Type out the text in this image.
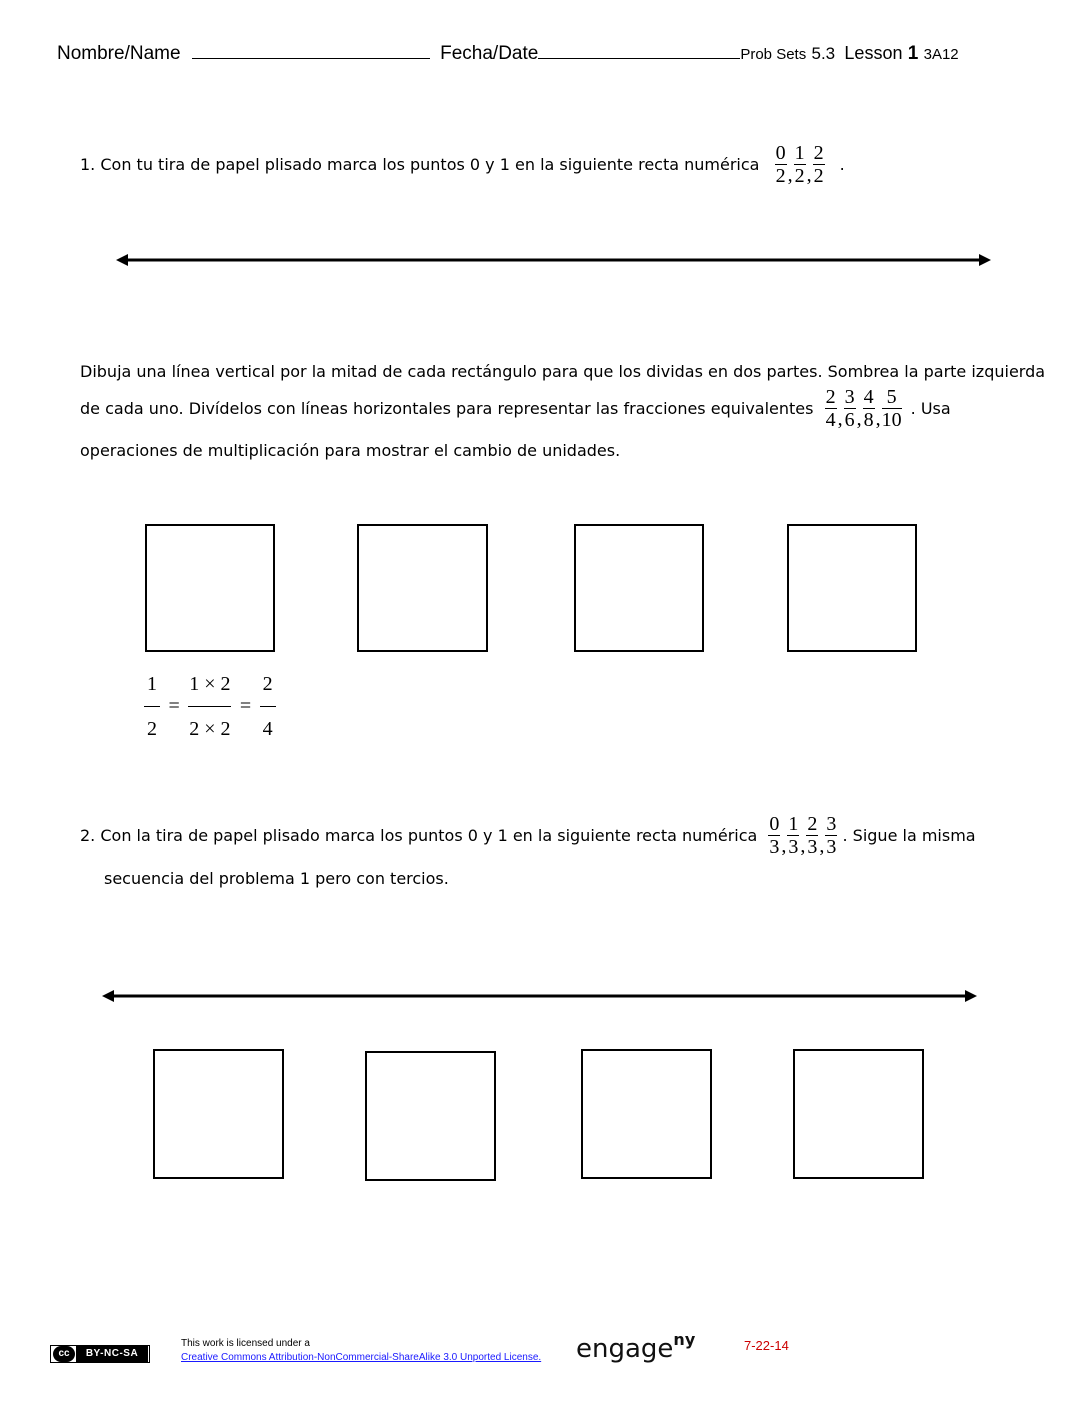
Nombre/Name	Fecha/Date	Prob Sets 5.3 Lesson 1 3A12
1. Con tu tira de papel plisado marca los puntos 0 y 1 en la siguiente recta numérica $\frac{0}{2}$ , $\frac{1}{2}$ , $\frac{2}{2}$ .
Dibuja una línea vertical por la mitad de cada rectángulo para que los dividas en dos partes. Sombrea la parte izquierda
de cada uno. Divídelos con líneas horizontales para representar las fracciones equivalentes $\frac{2}{4}$ , $\frac{3}{6}$ , $\frac{4}{8}$ , $\frac{5}{10}$ . Usa
operaciones de multiplicación para mostrar el cambio de unidades.
$\frac{1}{2} = \frac{1 \times 2}{2 \times 2} = \frac{2}{4}$
2. Con la tira de papel plisado marca los puntos 0 y 1 en la siguiente recta numérica $\frac{0}{3}$ , $\frac{1}{3}$ , $\frac{2}{3}$ , $\frac{3}{3}$ . Sigue la misma
secuencia del problema 1 pero con tercios.
cc	BY-NC-SA
This work is licensed under a
Creative Commons Attribution-NonCommercial-ShareAlike 3.0 Unported License. engageny	7-22-14
